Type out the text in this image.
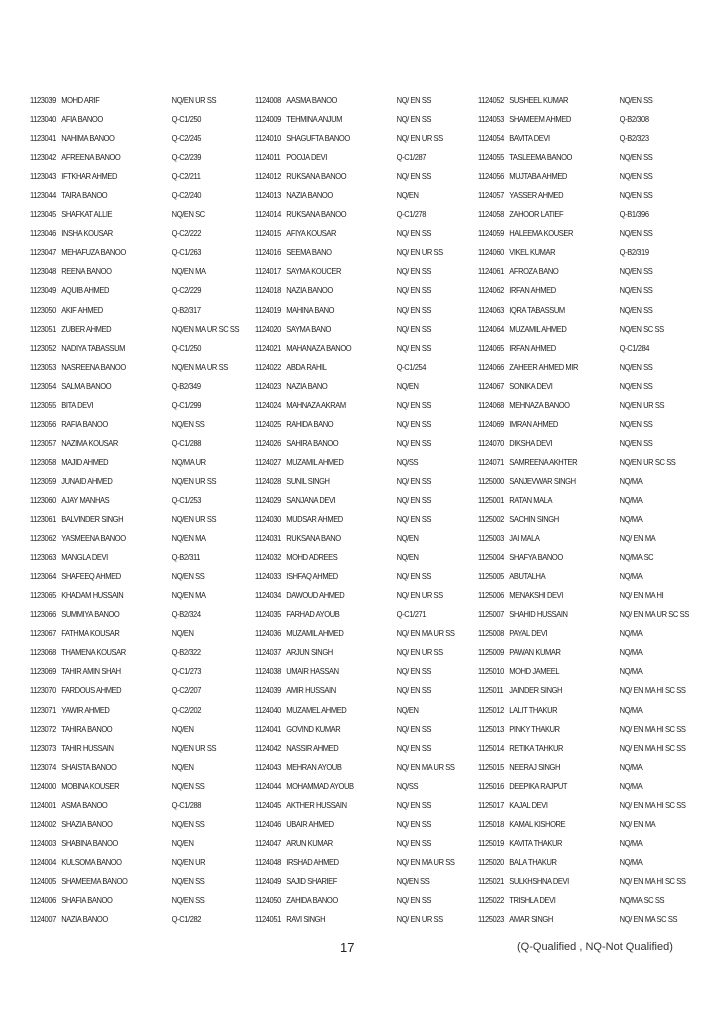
1123039 MOHD ARIF	NQ/EN UR SS
1123040 AFIA BANOO	Q-C1/250
1123041 NAHIMA BANOO	Q-C2/245
1123042 AFREENA BANOO	Q-C2/239
1123043 IFTKHAR AHMED	Q-C2/211
1123044 TAIRA BANOO	Q-C2/240
1123045 SHAFKAT ALLIE	NQ/EN SC
1123046 INSHA KOUSAR	Q-C2/222
1123047 MEHAFUZA BANOO	Q-C1/263
1123048 REENA BANOO	NQ/EN MA
1123049 AQUIB AHMED	Q-C2/229
1123050 AKIF AHMED	Q-B2/317
1123051 ZUBER AHMED	NQ/EN MA UR SC SS
1123052 NADIYA TABASSUM	Q-C1/250
1123053 NASREENA BANOO	NQ/EN MA UR SS
1123054 SALMA BANOO	Q-B2/349
1123055 BITA DEVI	Q-C1/299
1123056 RAFIA BANOO	NQ/EN SS
1123057 NAZIMA KOUSAR	Q-C1/288
1123058 MAJID AHMED	NQ/MA UR
1123059 JUNAID AHMED	NQ/EN UR SS
1123060 AJAY MANHAS	Q-C1/253
1123061 BALVINDER SINGH	NQ/EN UR SS
1123062 YASMEENA BANOO	NQ/EN MA
1123063 MANGLA DEVI	Q-B2/311
1123064 SHAFEEQ AHMED	NQ/EN SS
1123065 KHADAM HUSSAIN	NQ/EN MA
1123066 SUMMIYA BANOO	Q-B2/324
1123067 FATHMA KOUSAR	NQ/EN
1123068 THAMENA KOUSAR	Q-B2/322
1123069 TAHIR AMIN SHAH	Q-C1/273
1123070 FARDOUS AHMED	Q-C2/207
1123071 YAWIR AHMED	Q-C2/202
1123072 TAHIRA BANOO	NQ/EN
1123073 TAHIR HUSSAIN	NQ/EN UR SS
1123074 SHAISTA BANOO	NQ/EN
1124000 MOBINA KOUSER	NQ/EN SS
1124001 ASMA BANOO	Q-C1/288
1124002 SHAZIA BANOO	NQ/EN SS
1124003 SHABINA BANOO	NQ/EN
1124004 KULSOMA BANOO	NQ/EN UR
1124005 SHAMEEMA BANOO	NQ/EN SS
1124006 SHAFIA BANOO	NQ/EN SS
1124007 NAZIA BANOO	Q-C1/282
1124008 AASMA BANOO	NQ/ EN SS
1124009 TEHMINA ANJUM	NQ/ EN SS
1124010 SHAGUFTA BANOO	NQ/ EN UR SS
1124011 POOJA DEVI	Q-C1/287
1124012 RUKSANA BANOO	NQ/ EN SS
1124013 NAZIA BANOO	NQ/EN
1124014 RUKSANA BANOO	Q-C1/278
1124015 AFIYA KOUSAR	NQ/ EN SS
1124016 SEEMA BANO	NQ/ EN UR SS
1124017 SAYMA KOUCER	NQ/ EN SS
1124018 NAZIA BANOO	NQ/ EN SS
1124019 MAHINA BANO	NQ/ EN SS
1124020 SAYMA BANO	NQ/ EN SS
1124021 MAHANAZA BANOO	NQ/ EN SS
1124022 ABDA RAHIL	Q-C1/254
1124023 NAZIA BANO	NQ/EN
1124024 MAHNAZA AKRAM	NQ/ EN SS
1124025 RAHIDA BANO	NQ/ EN SS
1124026 SAHIRA BANOO	NQ/ EN SS
1124027 MUZAMIL AHMED	NQ/SS
1124028 SUNIL SINGH	NQ/ EN SS
1124029 SANJANA DEVI	NQ/ EN SS
1124030 MUDSAR AHMED	NQ/ EN SS
1124031 RUKSANA BANO	NQ/EN
1124032 MOHD ADREES	NQ/EN
1124033 ISHFAQ AHMED	NQ/ EN SS
1124034 DAWOUD AHMED	NQ/ EN UR SS
1124035 FARHAD AYOUB	Q-C1/271
1124036 MUZAMIL AHMED	NQ/ EN MA UR SS
1124037 ARJUN SINGH	NQ/ EN UR SS
1124038 UMAIR HASSAN	NQ/ EN SS
1124039 AMIR HUSSAIN	NQ/ EN SS
1124040 MUZAMEL AHMED	NQ/EN
1124041 GOVIND KUMAR	NQ/ EN SS
1124042 NASSIR AHMED	NQ/ EN SS
1124043 MEHRAN AYOUB	NQ/ EN MA UR SS
1124044 MOHAMMAD AYOUB	NQ/SS
1124045 AKTHER HUSSAIN	NQ/ EN SS
1124046 UBAIR AHMED	NQ/ EN SS
1124047 ARUN KUMAR	NQ/ EN SS
1124048 IRSHAD AHMED	NQ/ EN MA UR SS
1124049 SAJID SHARIEF	NQ/EN SS
1124050 ZAHIDA BANOO	NQ/ EN SS
1124051 RAVI SINGH	NQ/ EN UR SS
1124052 SUSHEEL KUMAR	NQ/EN SS
1124053 SHAMEEM AHMED	Q-B2/308
1124054 BAVITA DEVI	Q-B2/323
1124055 TASLEEMA BANOO	NQ/EN SS
1124056 MUJTABA AHMED	NQ/EN SS
1124057 YASSER AHMED	NQ/EN SS
1124058 ZAHOOR LATIEF	Q-B1/396
1124059 HALEEMA KOUSER	NQ/EN SS
1124060 VIKEL KUMAR	Q-B2/319
1124061 AFROZA BANO	NQ/EN SS
1124062 IRFAN AHMED	NQ/EN SS
1124063 IQRA TABASSUM	NQ/EN SS
1124064 MUZAMIL AHMED	NQ/EN SC SS
1124065 IRFAN AHMED	Q-C1/284
1124066 ZAHEER AHMED MIR	NQ/EN SS
1124067 SONIKA DEVI	NQ/EN SS
1124068 MEHNAZA BANOO	NQ/EN UR SS
1124069 IMRAN AHMED	NQ/EN SS
1124070 DIKSHA DEVI	NQ/EN SS
1124071 SAMREENA AKHTER	NQ/EN UR SC SS
1125000 SANJEVWAR SINGH	NQ/MA
1125001 RATAN MALA	NQ/MA
1125002 SACHIN SINGH	NQ/MA
1125003 JAI MALA	NQ/ EN MA
1125004 SHAFYA BANOO	NQ/MA SC
1125005 ABUTALHA	NQ/MA
1125006 MENAKSHI DEVI	NQ/ EN MA HI
1125007 SHAHID HUSSAIN	NQ/ EN MA UR SC SS
1125008 PAYAL DEVI	NQ/MA
1125009 PAWAN KUMAR	NQ/MA
1125010 MOHD JAMEEL	NQ/MA
1125011 JAINDER SINGH	NQ/ EN MA HI SC SS
1125012 LALIT THAKUR	NQ/MA
1125013 PINKY THAKUR	NQ/ EN MA HI SC SS
1125014 RETIKA TAHKUR	NQ/ EN MA HI SC SS
1125015 NEERAJ SINGH	NQ/MA
1125016 DEEPIKA RAJPUT	NQ/MA
1125017 KAJAL DEVI	NQ/ EN MA HI SC SS
1125018 KAMAL KISHORE	NQ/ EN MA
1125019 KAVITA THAKUR	NQ/MA
1125020 BALA THAKUR	NQ/MA
1125021 SULKHSHNA DEVI	NQ/ EN MA HI SC SS
1125022 TRISHLA DEVI	NQ/MA SC SS
1125023 AMAR SINGH	NQ/ EN MA SC SS
17	(Q-Qualified , NQ-Not Qualified)
